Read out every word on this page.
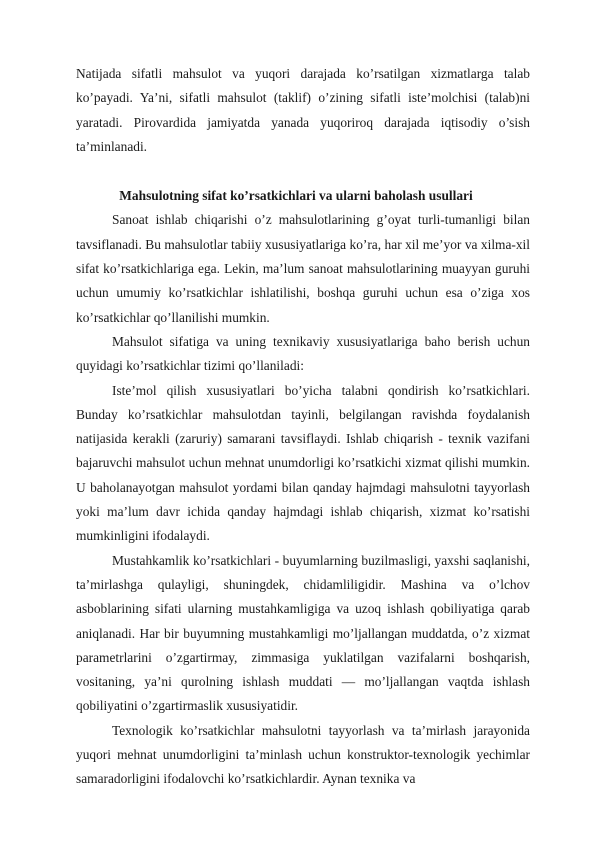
Natijada sifatli mahsulot va yuqori darajada ko’rsatilgan xizmatlarga talab ko’payadi. Ya’ni, sifatli mahsulot (taklif) o’zining sifatli iste’molchisi (talab)ni yaratadi. Pirovardida jamiyatda yanada yuqoriroq darajada iqtisodiy o’sish ta’minlanadi.

Mahsulotning sifat ko’rsatkichlari va ularni baholash usullari

Sanoat ishlab chiqarishi o’z mahsulotlarining g’oyat turli-tumanligi bilan tavsiflanadi. Bu mahsulotlar tabiiy xususiyatlariga ko’ra, har xil me’yor va xilma-xil sifat ko’rsatkichlariga ega. Lekin, ma’lum sanoat mahsulotlarining muayyan guruhi uchun umumiy ko’rsatkichlar ishlatilishi, boshqa guruhi uchun esa o’ziga xos ko’rsatkichlar qo’llanilishi mumkin.

Mahsulot sifatiga va uning texnikaviy xususiyatlariga baho berish uchun quyidagi ko’rsatkichlar tizimi qo’llaniladi:

Iste’mol qilish xususiyatlari bo’yicha talabni qondirish ko’rsatkichlari. Bunday ko’rsatkichlar mahsulotdan tayinli, belgilangan ravishda foydalanish natijasida kerakli (zaruriy) samarani tavsiflaydi. Ishlab chiqarish - texnik vazifani bajaruvchi mahsulot uchun mehnat unumdorligi ko’rsatkichi xizmat qilishi mumkin. U baholanayotgan mahsulot yordami bilan qanday hajmdagi mahsulotni tayyorlash yoki ma’lum davr ichida qanday hajmdagi ishlab chiqarish, xizmat ko’rsatishi mumkinligini ifodalaydi.

Mustahkamlik ko’rsatkichlari - buyumlarning buzilmasligi, yaxshi saqlanishi, ta’mirlashga qulayligi, shuningdek, chidamliligidir. Mashina va o’lchov asboblarining sifati ularning mustahkamligiga va uzoq ishlash qobiliyatiga qarab aniqlanadi. Har bir buyumning mustahkamligi mo’ljallangan muddatda, o’z xizmat parametrlarini o’zgartirmay, zimmasiga yuklatilgan vazifalarni boshqarish, vositaning, ya’ni qurolning ishlash muddati — mo’ljallangan vaqtda ishlash qobiliyatini o’zgartirmaslik xususiyatidir.

Texnologik ko’rsatkichlar mahsulotni tayyorlash va ta’mirlash jarayonida yuqori mehnat unumdorligini ta’minlash uchun konstruktor-texnologik yechimlar samaradorligini ifodalovchi ko’rsatkichlardir. Aynan texnika va
